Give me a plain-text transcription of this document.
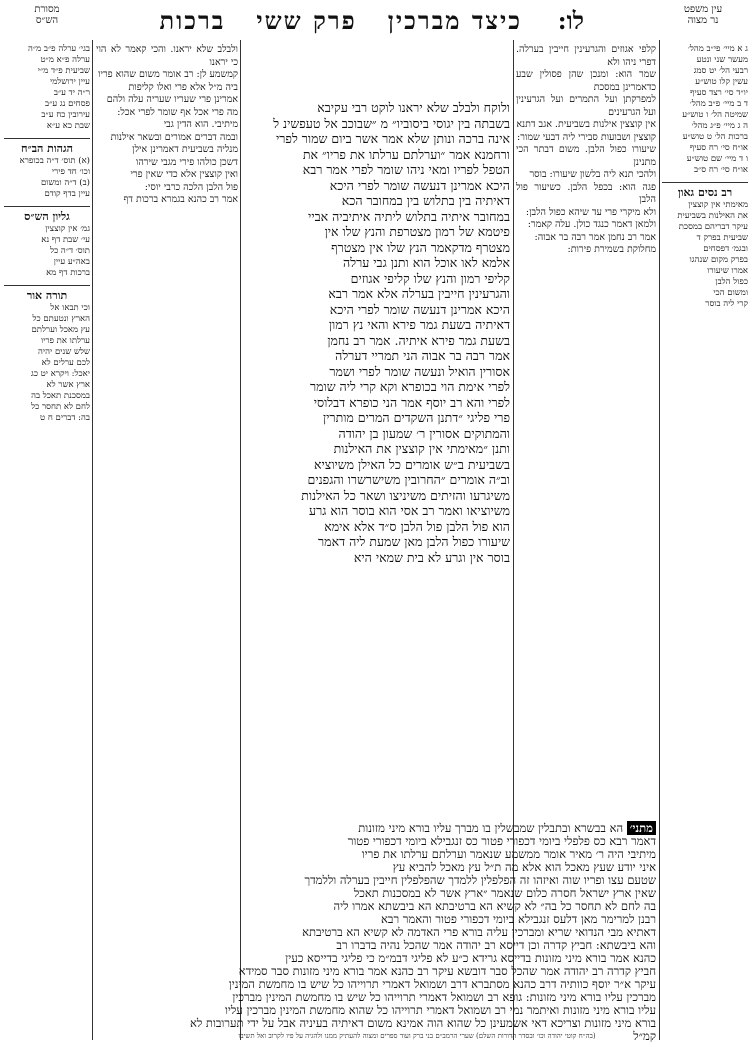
עין משפט
נר מצוה
לו:
כיצד מברכין   פרק ששי   ברכות
מסורת
הש״ס
ג א מיי׳ פי״ב מהל׳
מעשר שני ונטע
רבעי הל׳ יט סמג
עשין קלו טוש״ע
יו״ד סי׳ רצד סעיף
ד ב מיי׳ פ״ב מהל׳
שמיטה הל׳ ו טוש״ע
ה ג מיי׳ פ״ג מהל׳
ברכות הל׳ ט טוש״ע
או״ח סי׳ רח סעיף
ו ד מיי׳ שם טוש״ע
או״ח סי׳ רח ס״ב
רב נסים גאון
מאימתי אין קוצצין
את האילנות בשביעית
עיקר דבריהם במסכת
שביעית בפרק ד
ובגמ׳ דפסחים
בפרק מקום שנהגו
אמרו שיעורו
כפול הלבן
ומשום הכי
קרי ליה בוסר
קלפי אגוזים והגרעינין חייבין בערלה. דפרי ניהו ולא
שמר הוא: ומנכן שהן פסולין שבע כדאמרינן במסכת
למפרקתן ועל התמרים ועל הגרעינין ועל הגרעינים
אין קוצצין אילנות בשביעית. אגב דתנא
קוצצין ושבועות סבירי ליה דבעי שמור:
שיעורו כפול הלבן. משום דבתר הכי מתנינן
ולהכי תנא ליה בלשון שיעורו: בוסר
פגה הוא: בכפל הלבן. כשיעור פול הלבן
ולא מיקרי פרי עד שיהא כפול הלבן:
ולמאן דאמר כנגד כולן. עלה קאמר:
אמר רב נחמן אמר רבה בר אבוה:
מחלוקת בשמירת פירות:
ולוקח ולבלב שלא יראנו לוקט רבי עקיבא
בשבתה בין יגוסי ביסוביו״ מ ״שבוכב אל טעפשינ ל
אינה ברכה ונותן שלא אמר אשר ביום שמור לפרי
ורחמנא אמר ״וערלתם ערלתו את פריו״ את
הטפל לפריו ומאי ניהו שומר לפרי אמר רבא
היכא אמרינן דנעשה שומר לפרי היכא
דאיתיה בין בתלוש בין במחובר הכא
במחובר איתיה בתלוש ליתיה איתיביה אביי
פיטמא של רמון מצטרפת והנץ שלו אין
מצטרף מדקאמר הנץ שלו אין מצטרף
אלמא לאו אוכל הוא ותנן גבי ערלה
קליפי רמון והנץ שלו קליפי אגוזים
והגרעינין חייבין בערלה אלא אמר רבא
היכא אמרינן דנעשה שומר לפרי היכא
דאיתיה בשעת גמר פירא והאי נץ רמון
בשעת גמר פירא איתיה. אמר רב נחמן
אמר רבה בר אבוה הני תמריי דערלה
אסורין הואיל ונעשה שומר לפרי ושמר
לפרי אימת הוי בכופרא וקא קרי ליה שומר
לפרי והא רב יוסף אמר הני כופרא דבלוסי
פרי פליגי ״דתנן השקדים המרים מותרין
והמתוקים אסורין ר׳ שמעון בן יהודה
ותנן ״מאימתי אין קוצצין את האילנות
בשביעית ב״ש אומרים כל האילן משיוציא
וב״ה אומרים ״החרובין משישרשרו והגפנים
משיגרעו והזיתים משיניצו ושאר כל האילנות
משיוציאו ואמר רב אסי הוא בוסר הוא גרע
הוא פול הלבן פול הלבן ס״ד אלא אימא
שיעורו כפול הלבן מאן שמעת ליה דאמר
בוסר אין וגרע לא בית שמאי היא
ולבלב שלא יראנו. והכי קאמר לא הוי כי יראנו
קמשמע לן: רב אומר משום שהוא פריו
ביה מ״ל אלא פרי ואלו קליפות
אמרינן פרי שעריו שעריה עלה ולהם
מה פרי אכל אף שומר לפרי אכל:
מיתיבי. הוא הדין גבי
ובמה דברים אמורים ובשאר אילנות
מנליה בשביעית דאמרינן אילן
דשכן כולהו פירי מגבי שירהו
ואין קוצצין אלא כדי שאין פרי
פול הלבן הלכה כרבי יוסי:
אמר רב כהנא בגמרא ברכות דף
בגי׳ ערלה פ״ב מ״ה
ערלה פ״א מ״ט
שביעית פ״ד מ״י
עיין ירושלמי
ר״ה יד ע״ב
פסחים נג ע״ב
עירובין כח ע״ב
שבת כא ע״א
הגהות הב״ח
(א) תוס׳ ד״ה בכופרא
וכו׳ חד פירי
(ב) ד״ה ומשום
עיין בדף קודם
גליון הש״ס
גמ׳ אין קוצצין
עי׳ שבת דף נא
תוס׳ ד״ה כל
באה״ע עיין
ברכות דף מא
תורה אור
וכי תבאו אל
הארץ ונטעתם כל
עץ מאכל וערלתם
ערלתו את פריו
שלש שנים יהיה
לכם ערלים לא
יאכל: ויקרא יט כג
ארץ אשר לא
במסכנת תאכל בה
לחם לא תחסר כל
בה: דברים ח ט
מתני׳ הא בבשרא ובתבלין שמבשלין בו מברך עליו בורא מיני מזונות
דאמר רבא כס פלפלי ביומי דכפורי פטור כס זנגבילא ביומי דכפורי פטור
מיתיבי היה ר׳ מאיר אומר ממשמע שנאמר וערלתם ערלתו את פריו
איני יודע שעץ מאכל הוא אלא מה ת״ל עץ מאכל להביא עץ
שטעם עצו ופריו שוה ואיזהו זה הפלפלין ללמדך שהפלפלין חייבין בערלה וללמדך
שאין ארץ ישראל חסרה כלום שנאמר ״ארץ אשר לא במסכנות תאכל
בה לחם לא תחסר כל בה״ לא קשיא הא ברטיבתא הא ביבשתא אמרו ליה
רבנן למרימר מאן דלעס זנגבילא ביומי דכפורי פטור והאמר רבא
דאתיא מבי הנדואי שריא ומברכין עליה בורא פרי האדמה לא קשיא הא ברטיבתא
והא ביבשתא: חביץ קדרה וכן דייסא רב יהודה אמר שהכל נהיה בדברו רב
כהנא אמר בורא מיני מזונות בדייסא גרידא כ״ע לא פליגי דבמ״מ כי פליגי בדייסא כעין
חביץ קדרה רב יהודה אמר שהכל סבר דובשא עיקר רב כהנא אמר בורא מיני מזונות סבר סמידא
עיקר א״ר יוסף כוותיה דרב כהנא מסתברא דרב ושמואל דאמרי תרוייהו כל שיש בו מחמשת המינין
מברכין עליו בורא מיני מזונות: גופא רב ושמואל דאמרי תרוייהו כל שיש בו מחמשת המינין מברכין
עליו בורא מיני מזונות ואיתמר נמי רב ושמואל דאמרי תרוייהו כל שהוא מחמשת המינין מברכין עליו
בורא מיני מזונות וצריכא דאי אשמעינן כל שהוא הוה אמינא משום דאיתיה בעיניה אבל על ידי תערובות לא
קמ״ל
(בה״ח קוטי יהודה וכו׳ ובסדר הדורות השלם) שערי הרמב״ם בני ברק ועוד ספרים ומצוה להעתיק ממנו ולהגיה על פיו לקרוב ואל תשיבו
